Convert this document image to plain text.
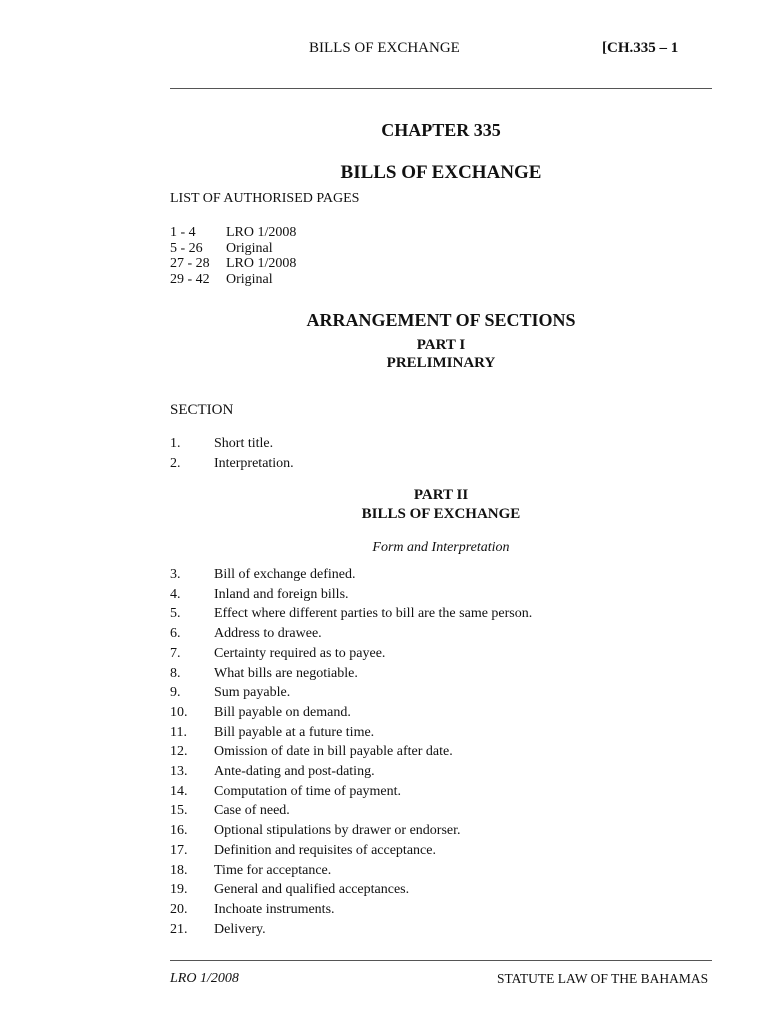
BILLS OF EXCHANGE	[CH.335 – 1
CHAPTER 335
BILLS OF EXCHANGE
LIST OF AUTHORISED PAGES
1 - 4 LRO 1/2008
5 - 26 Original
27 - 28 LRO 1/2008
29 - 42 Original
ARRANGEMENT OF SECTIONS
PART I
PRELIMINARY
SECTION
1. Short title.
2. Interpretation.
PART II
BILLS OF EXCHANGE
Form and Interpretation
3. Bill of exchange defined.
4. Inland and foreign bills.
5. Effect where different parties to bill are the same person.
6. Address to drawee.
7. Certainty required as to payee.
8. What bills are negotiable.
9. Sum payable.
10. Bill payable on demand.
11. Bill payable at a future time.
12. Omission of date in bill payable after date.
13. Ante-dating and post-dating.
14. Computation of time of payment.
15. Case of need.
16. Optional stipulations by drawer or endorser.
17. Definition and requisites of acceptance.
18. Time for acceptance.
19. General and qualified acceptances.
20. Inchoate instruments.
21. Delivery.
LRO 1/2008	STATUTE LAW OF THE BAHAMAS
